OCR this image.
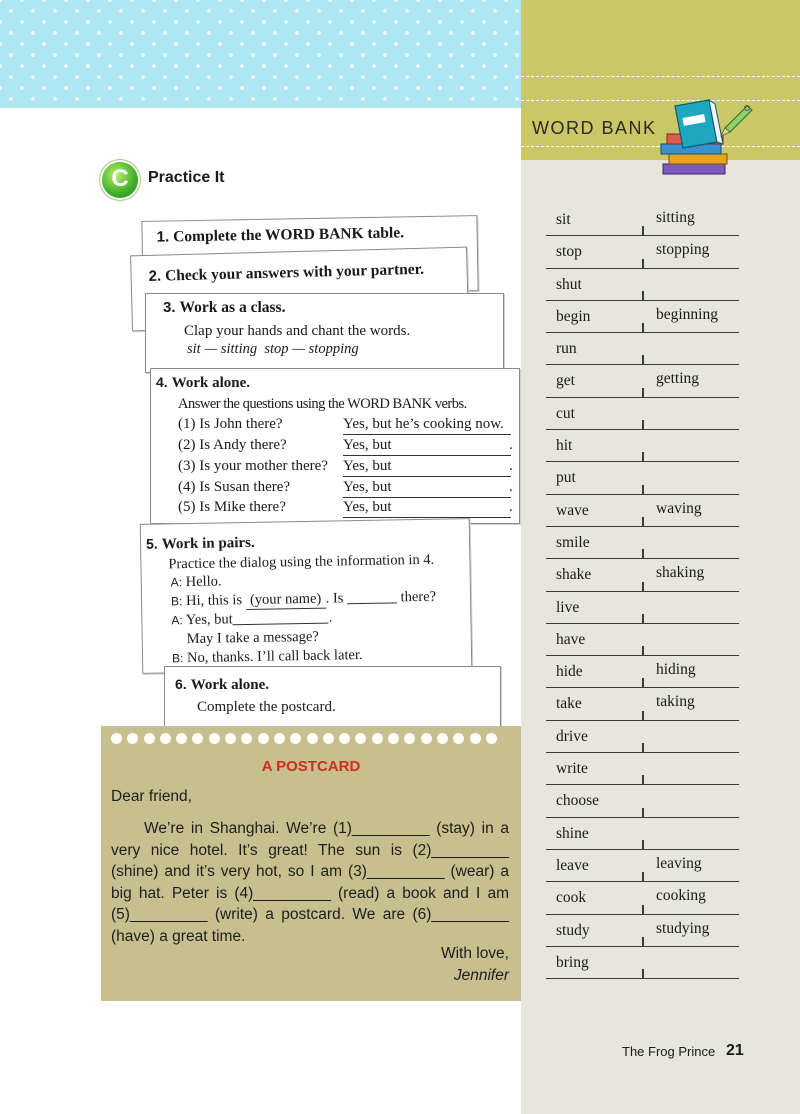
WORD BANK
sit	sitting
stop	stopping
shut
begin	beginning
run
get	getting
cut
hit
put
wave	waving
smile
shake	shaking
live
have
hide	hiding
take	taking
drive
write
choose
shine
leave	leaving
cook	cooking
study	studying
bring
C	Practice It
1. Complete the WORD BANK table.
2. Check your answers with your partner.
3. Work as a class.
Clap your hands and chant the words.
sit — sitting  stop — stopping
4. Work alone.
Answer the questions using the WORD BANK verbs.
(1) Is John there?	Yes, but he’s cooking now.
(2) Is Andy there?	Yes, but	.
(3) Is your mother there? Yes, but	.
(4) Is Susan there?	Yes, but	.
(5) Is Mike there?	Yes, but	.
5. Work in pairs.
Practice the dialog using the information in 4.
A: Hello.
B: Hi, this is (your name) . Is	there?
A: Yes, but	.
May I take a message?
B: No, thanks. I’ll call back later.
6. Work alone.
Complete the postcard.
A POSTCARD
Dear friend,
We’re in Shanghai. We’re (1)_________ (stay) in a very nice hotel. It’s great! The sun is (2)_________ (shine) and it’s very hot, so I am (3)_________ (wear) a big hat. Peter is (4)_________ (read) a book and I am (5)_________ (write) a postcard. We are (6)_________ (have) a great time.
With love,
Jennifer
The Frog Prince 21
